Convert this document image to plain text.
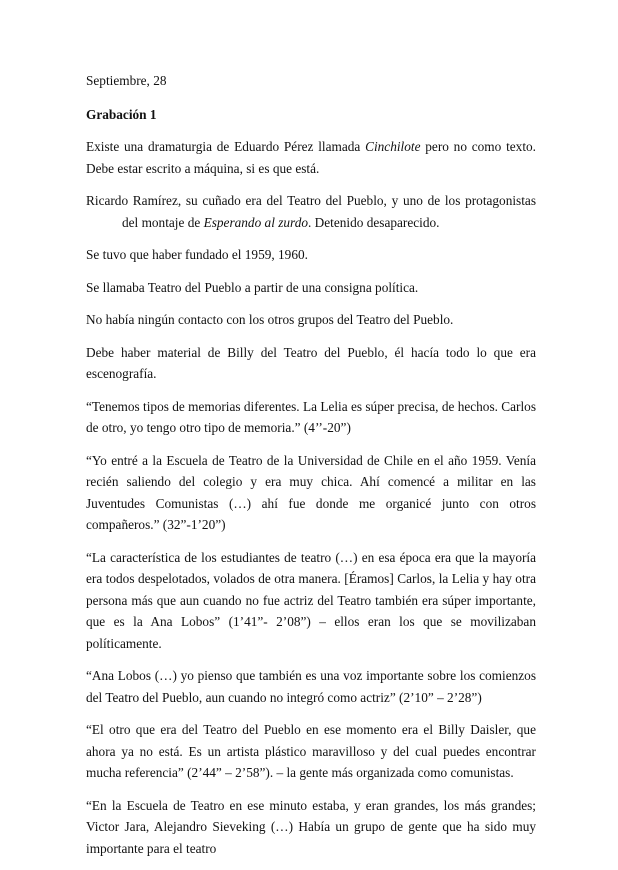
Septiembre, 28

Grabación 1

Existe una dramaturgia de Eduardo Pérez llamada Cinchilote pero no como texto. Debe estar escrito a máquina, si es que está.

Ricardo Ramírez, su cuñado era del Teatro del Pueblo, y uno de los protagonistas del montaje de Esperando al zurdo. Detenido desaparecido.

Se tuvo que haber fundado el 1959, 1960.

Se llamaba Teatro del Pueblo a partir de una consigna política.

No había ningún contacto con los otros grupos del Teatro del Pueblo.

Debe haber material de Billy del Teatro del Pueblo, él hacía todo lo que era escenografía.

“Tenemos tipos de memorias diferentes. La Lelia es súper precisa, de hechos. Carlos de otro, yo tengo otro tipo de memoria.” (4’’-20”)

“Yo entré a la Escuela de Teatro de la Universidad de Chile en el año 1959. Venía recién saliendo del colegio y era muy chica. Ahí comencé a militar en las Juventudes Comunistas (…) ahí fue donde me organicé junto con otros compañeros.” (32”-1’20”)

“La característica de los estudiantes de teatro (…) en esa época era que la mayoría era todos despelotados, volados de otra manera. [Éramos] Carlos, la Lelia y hay otra persona más que aun cuando no fue actriz del Teatro también era súper importante, que es la Ana Lobos” (1’41”- 2’08”) – ellos eran los que se movilizaban políticamente.

“Ana Lobos (…) yo pienso que también es una voz importante sobre los comienzos del Teatro del Pueblo, aun cuando no integró como actriz” (2’10” – 2’28”)

“El otro que era del Teatro del Pueblo en ese momento era el Billy Daisler, que ahora ya no está. Es un artista plástico maravilloso y del cual puedes encontrar mucha referencia” (2’44” – 2’58”). – la gente más organizada como comunistas.

“En la Escuela de Teatro en ese minuto estaba, y eran grandes, los más grandes; Victor Jara, Alejandro Sieveking (…) Había un grupo de gente que ha sido muy importante para el teatro
